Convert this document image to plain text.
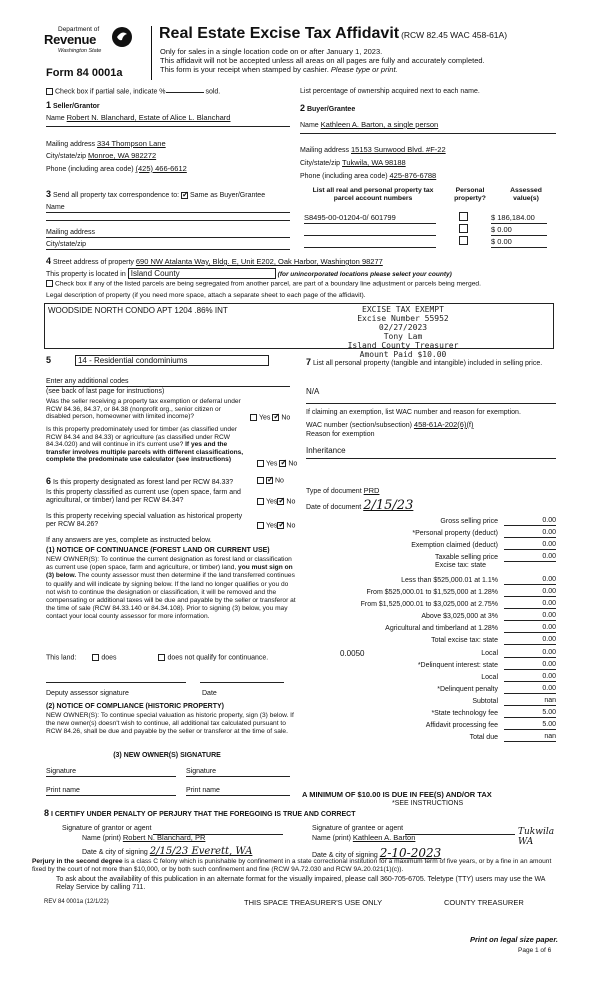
Department of
Revenue
Washington State
Form 84 0001a
Real Estate Excise Tax Affidavit (RCW 82.45 WAC 458-61A)
Only for sales in a single location code on or after January 1, 2023.
This affidavit will not be accepted unless all areas on all pages are fully and accurately completed.
This form is your receipt when stamped by cashier. Please type or print.
Check box if partial sale, indicate %	sold.	List percentage of ownership acquired next to each name.
1 Seller/Grantor
Name Robert N. Blanchard, Estate of Alice L. Blanchard
Mailing address 334 Thompson Lane
City/state/zip Monroe, WA 982272
Phone (including area code) (425) 466-6612
2 Buyer/Grantee
Name Kathleen A. Barton, a single person
Mailing address 15153 Sunwood Blvd. #F-22
City/state/zip Tukwila, WA 98188
Phone (including area code) 425-876-6788
3 Send all property tax correspondence to: ✓ Same as Buyer/Grantee
Name
Mailing address
City/state/zip
List all real and personal property tax parcel account numbers
Personal property?
Assessed value(s)
S8495-00-01204-0/ 601799	$ 186,184.00
$ 0.00
$ 0.00
4 Street address of property 690 NW Atalanta Way, Bldg. E, Unit E202, Oak Harbor, Washington 98277
This property is located in Island County	(for unincorporated locations please select your county)
Check box if any of the listed parcels are being segregated from another parcel, are part of a boundary line adjustment or parcels being merged.
Legal description of property (if you need more space, attach a separate sheet to each page of the affidavit).
WOODSIDE NORTH CONDO APT 1204 .86% INT	EXCISE TAX EXEMPT
Excise Number 55952
02/27/2023
Tony Lam
Island County Treasurer
Amount Paid $10.00
5	14 - Residential condominiums
Enter any additional codes
(see back of last page for instructions)
Was the seller receiving a property tax exemption or deferral under RCW 84.36, 84.37, or 84.38 (nonprofit org., senior citizen or disabled person, homeowner with limited income)?	Yes ✓ No
Is this property predominately used for timber (as classified under RCW 84.34 and 84.33) or agriculture (as classified under RCW 84.34.020) and will continue in it's current use? If yes and the transfer involves multiple parcels with different classifications, complete the predominate use calculator (see instructions)
Yes ✓ No
7 List all personal property (tangible and intangible) included in selling price.
N/A
If claiming an exemption, list WAC number and reason for exemption.
WAC number (section/subsection) 458-61A-202(6)(f)
Reason for exemption
Inheritance
6 Is this property designated as forest land per RCW 84.33? ✓	No
Is this property classified as current use (open space, farm and agricultural, or timber) land per RCW 84.34?	Yes ✓ No
Is this property receiving special valuation as historical property per RCW 84.26?	Yes ✓ No
If any answers are yes, complete as instructed below.
(1) NOTICE OF CONTINUANCE (FOREST LAND OR CURRENT USE)
NEW OWNER(S): To continue the current designation as forest land or classification as current use (open space, farm and agriculture, or timber) land, you must sign on (3) below. The county assessor must then determine if the land transferred continues to qualify and will indicate by signing below. If the land no longer qualifies or you do not wish to continue the designation or classification, it will be removed and the compensating or additional taxes will be due and payable by the seller or transferor at the time of sale (RCW 84.33.140 or 84.34.108). Prior to signing (3) below, you may contact your local county assessor for more information.
This land:	does	does not qualify for continuance.
Deputy assessor signature	Date
(2) NOTICE OF COMPLIANCE (HISTORIC PROPERTY)
NEW OWNER(S): To continue special valuation as historic property, sign (3) below. If the new owner(s) doesn't wish to continue, all additional tax calculated pursuant to RCW 84.26, shall be due and payable by the seller or transferor at the time of sale.
(3) NEW OWNER(S) SIGNATURE
Signature	Signature
Print name	Print name
Type of document PRD
Date of document 2/15/23
Gross selling price	0.00
*Personal property (deduct)	0.00
Exemption claimed (deduct)	0.00
Taxable selling price	0.00
Excise tax: state
Less than $525,000.01 at 1.1%	0.00
From $525,000.01 to $1,525,000 at 1.28%	0.00
From $1,525,000.01 to $3,025,000 at 2.75%	0.00
Above $3,025,000 at 3%	0.00
Agricultural and timberland at 1.28%	0.00
Total excise tax: state	0.00
0.0050	Local	0.00
*Delinquent interest: state	0.00
Local	0.00
*Delinquent penalty	0.00
Subtotal	nan
*State technology fee	5.00
Affidavit processing fee	5.00
Total due	nan
A MINIMUM OF $10.00 IS DUE IN FEE(S) AND/OR TAX
*SEE INSTRUCTIONS
8 I CERTIFY UNDER PENALTY OF PERJURY THAT THE FOREGOING IS TRUE AND CORRECT
Signature of grantor or agent
Name (print) Robert N. Blanchard, PR
Date & city of signing 2/15/23 Everett, WA
Signature of grantee or agent
Name (print) Kathleen A. Barton
Date & city of signing 2-10-2023
Tukwila WA
Perjury in the second degree is a class C felony which is punishable by confinement in a state correctional institution for a maximum term of five years, or by a fine in an amount fixed by the court of not more than $10,000, or by both such confinement and fine (RCW 9A.72.030 and RCW 9A.20.021(1)(c)).
To ask about the availability of this publication in an alternate format for the visually impaired, please call 360-705-6705. Teletype (TTY) users may use the WA Relay Service by calling 711.
REV 84 0001a (12/1/22)	THIS SPACE TREASURER'S USE ONLY	COUNTY TREASURER
Print on legal size paper.
Page 1 of 6
